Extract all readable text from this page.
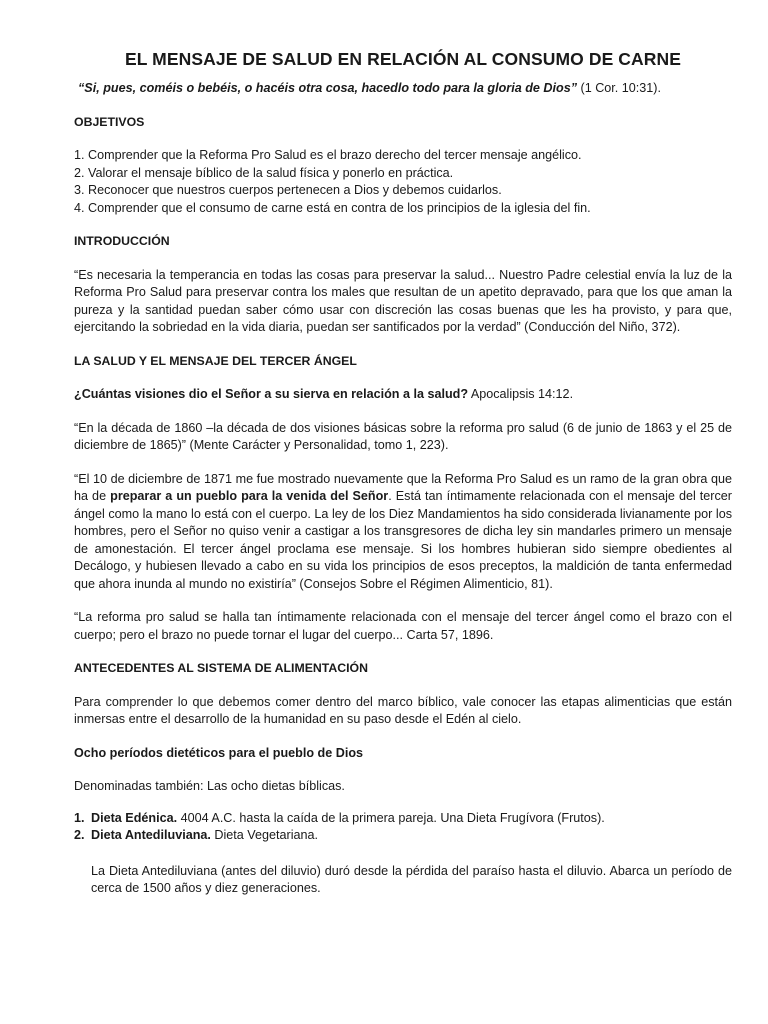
EL MENSAJE DE SALUD EN RELACIÓN AL CONSUMO DE CARNE
“Si, pues, coméis o bebéis, o hacéis otra cosa, hacedlo todo para la gloria de Dios” (1 Cor. 10:31).
OBJETIVOS
1. Comprender que la Reforma Pro Salud es el brazo derecho del tercer mensaje angélico.
2. Valorar el mensaje bíblico de la salud física y ponerlo en práctica.
3. Reconocer que nuestros cuerpos pertenecen a Dios y debemos cuidarlos.
4. Comprender que el consumo de carne está en contra de los principios de la iglesia del fin.
INTRODUCCIÓN
“Es necesaria la temperancia en todas las cosas para preservar la salud... Nuestro Padre celestial envía la luz de la Reforma Pro Salud para preservar contra los males que resultan de un apetito depravado, para que los que aman la pureza y la santidad puedan saber cómo usar con discreción las cosas buenas que les ha provisto, y para que, ejercitando la sobriedad en la vida diaria, puedan ser santificados por la verdad” (Conducción del Niño, 372).
LA SALUD Y EL MENSAJE DEL TERCER ÁNGEL
¿Cuántas visiones dio el Señor a su sierva en relación a la salud? Apocalipsis 14:12.
“En la década de 1860 –la década de dos visiones básicas sobre la reforma pro salud (6 de junio de 1863 y el 25 de diciembre de 1865)” (Mente Carácter y Personalidad, tomo 1, 223).
“El 10 de diciembre de 1871 me fue mostrado nuevamente que la Reforma Pro Salud es un ramo de la gran obra que ha de preparar a un pueblo para la venida del Señor. Está tan íntimamente relacionada con el mensaje del tercer ángel como la mano lo está con el cuerpo. La ley de los Diez Mandamientos ha sido considerada livianamente por los hombres, pero el Señor no quiso venir a castigar a los transgresores de dicha ley sin mandarles primero un mensaje de amonestación. El tercer ángel proclama ese mensaje. Si los hombres hubieran sido siempre obedientes al Decálogo, y hubiesen llevado a cabo en su vida los principios de esos preceptos, la maldición de tanta enfermedad que ahora inunda al mundo no existiría” (Consejos Sobre el Régimen Alimenticio, 81).
“La reforma pro salud se halla tan íntimamente relacionada con el mensaje del tercer ángel como el brazo con el cuerpo; pero el brazo no puede tornar el lugar del cuerpo... Carta 57, 1896.
ANTECEDENTES AL SISTEMA DE ALIMENTACIÓN
Para comprender lo que debemos comer dentro del marco bíblico, vale conocer las etapas alimenticias que están inmersas entre el desarrollo de la humanidad en su paso desde el Edén al cielo.
Ocho períodos dietéticos para el pueblo de Dios
Denominadas también: Las ocho dietas bíblicas.
1. Dieta Edénica. 4004 A.C. hasta la caída de la primera pareja. Una Dieta Frugívora (Frutos).
2. Dieta Antediluviana. Dieta Vegetariana.
La Dieta Antediluviana (antes del diluvio) duró desde la pérdida del paraíso hasta el diluvio. Abarca un período de cerca de 1500 años y diez generaciones.
